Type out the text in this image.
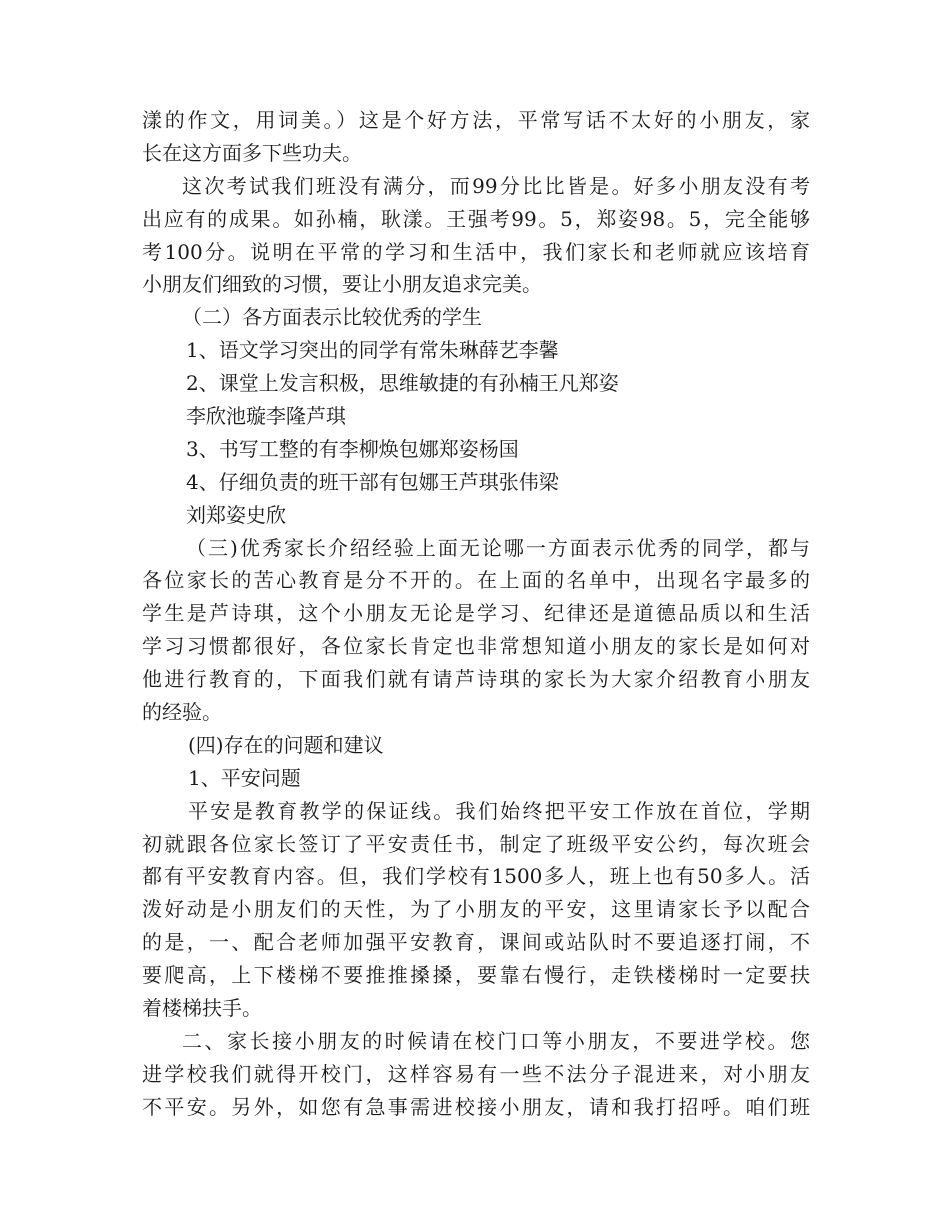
漾的作文，用词美。）这是个好方法，平常写话不太好的小朋友，家
长在这方面多下些功夫。
这次考试我们班没有满分，而99分比比皆是。好多小朋友没有考
出应有的成果。如孙楠，耿漾。王强考99。5，郑姿98。5，完全能够
考100分。说明在平常的学习和生活中，我们家长和老师就应该培育
小朋友们细致的习惯，要让小朋友追求完美。
（二）各方面表示比较优秀的学生
1、语文学习突出的同学有常朱琳薛艺李馨
2、课堂上发言积极，思维敏捷的有孙楠王凡郑姿
李欣池璇李隆芦琪
3、书写工整的有李柳焕包娜郑姿杨国
4、仔细负责的班干部有包娜王芦琪张伟梁
刘郑姿史欣
（三)优秀家长介绍经验上面无论哪一方面表示优秀的同学，都与
各位家长的苦心教育是分不开的。在上面的名单中，出现名字最多的
学生是芦诗琪，这个小朋友无论是学习、纪律还是道德品质以和生活
学习习惯都很好，各位家长肯定也非常想知道小朋友的家长是如何对
他进行教育的，下面我们就有请芦诗琪的家长为大家介绍教育小朋友
的经验。
(四)存在的问题和建议
1、平安问题
平安是教育教学的保证线。我们始终把平安工作放在首位，学期
初就跟各位家长签订了平安责任书，制定了班级平安公约，每次班会
都有平安教育内容。但，我们学校有1500多人，班上也有50多人。活
泼好动是小朋友们的天性，为了小朋友的平安，这里请家长予以配合
的是，一、配合老师加强平安教育，课间或站队时不要追逐打闹，不
要爬高，上下楼梯不要推推搡搡，要靠右慢行，走铁楼梯时一定要扶
着楼梯扶手。
二、家长接小朋友的时候请在校门口等小朋友，不要进学校。您
进学校我们就得开校门，这样容易有一些不法分子混进来，对小朋友
不平安。另外，如您有急事需进校接小朋友，请和我打招呼。咱们班
